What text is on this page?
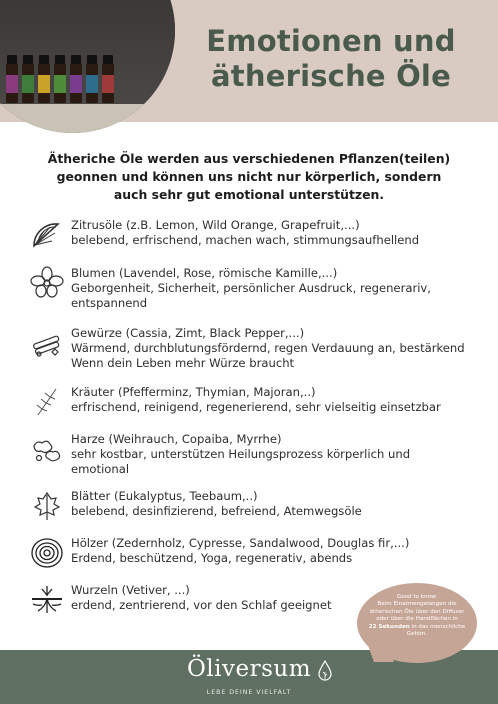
Emotionen und
ätherische Öle
Ätheriche Öle werden aus verschiedenen Pflanzen(teilen)
geonnen und können uns nicht nur körperlich, sondern
auch sehr gut emotional unterstützen.
Zitrusöle (z.B. Lemon, Wild Orange, Grapefruit,...)
belebend, erfrischend, machen wach, stimmungsaufhellend
Blumen (Lavendel, Rose, römische Kamille,...)
Geborgenheit, Sicherheit, persönlicher Ausdruck, regenerariv,
entspannend
Gewürze (Cassia, Zimt, Black Pepper,...)
Wärmend, durchblutungsfördernd, regen Verdauung an, bestärkend
Wenn dein Leben mehr Würze braucht
Kräuter (Pfefferminz, Thymian, Majoran,..)
erfrischend, reinigend, regenerierend, sehr vielseitig einsetzbar
Harze (Weihrauch, Copaiba, Myrrhe)
sehr kostbar, unterstützen Heilungsprozess körperlich und
emotional
Blätter (Eukalyptus, Teebaum,..)
belebend, desinfizierend, befreiend, Atemwegsöle
Hölzer (Zedernholz, Cypresse, Sandalwood, Douglas fir,...)
Erdend, beschützend, Yoga, regenerativ, abends
Wurzeln (Vetiver, ...)
erdend, zentrierend, vor den Schlaf geeignet
Good to know:
Beim Einatmengelangen die
ätherischen Öle über den Diffuser
oder über die Handflächen in
22 Sekunden in das menschliche
Gehirn.
Öliversum
LEBE DEINE VIELFALT
